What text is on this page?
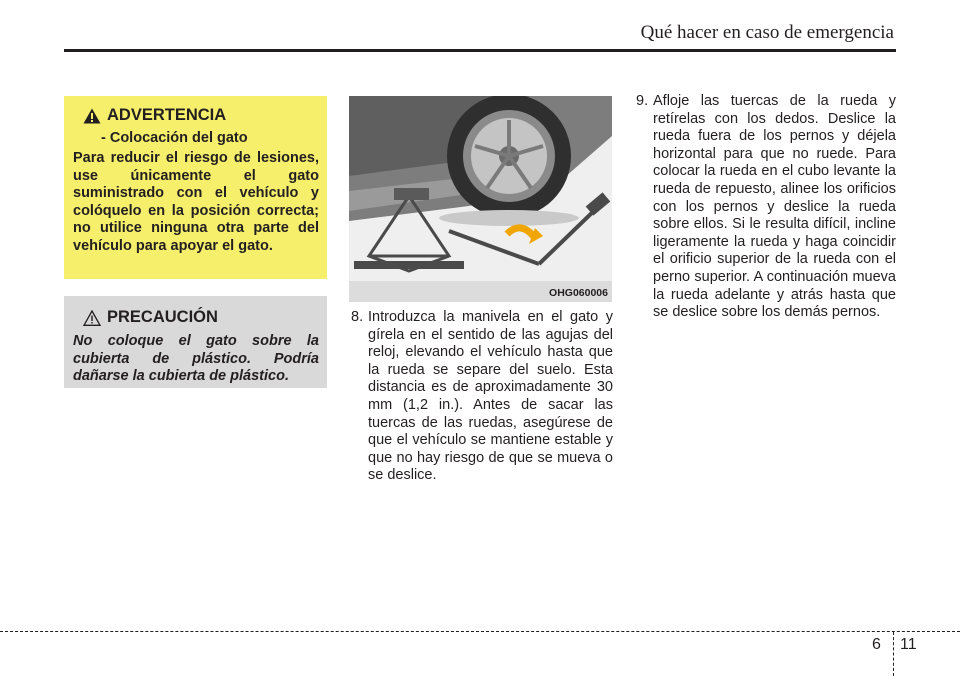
Qué hacer en caso de emergencia
ADVERTENCIA
- Colocación del gato
Para reducir el riesgo de lesiones, use únicamente el gato suministrado con el vehículo y colóquelo en la posición correcta; no utilice ninguna otra parte del vehículo para apoyar el gato.
PRECAUCIÓN
No coloque el gato sobre la cubierta de plástico. Podría dañarse la cubierta de plástico.
OHG060006
8. Introduzca la manivela en el gato y gírela en el sentido de las agujas del reloj, elevando el vehículo hasta que la rueda se separe del suelo. Esta distancia es de aproximadamente 30 mm (1,2 in.). Antes de sacar las tuercas de las ruedas, asegúrese de que el vehículo se mantiene estable y que no hay riesgo de que se mueva o se deslice.
9. Afloje las tuercas de la rueda y retírelas con los dedos. Deslice la rueda fuera de los pernos y déjela horizontal para que no ruede. Para colocar la rueda en el cubo levante la rueda de repuesto, alinee los orificios con los pernos y deslice la rueda sobre ellos. Si le resulta difícil, incline ligeramente la rueda y haga coincidir el orificio superior de la rueda con el perno superior. A continuación mueva la rueda adelante y atrás hasta que se deslice sobre los demás pernos.
6 11
